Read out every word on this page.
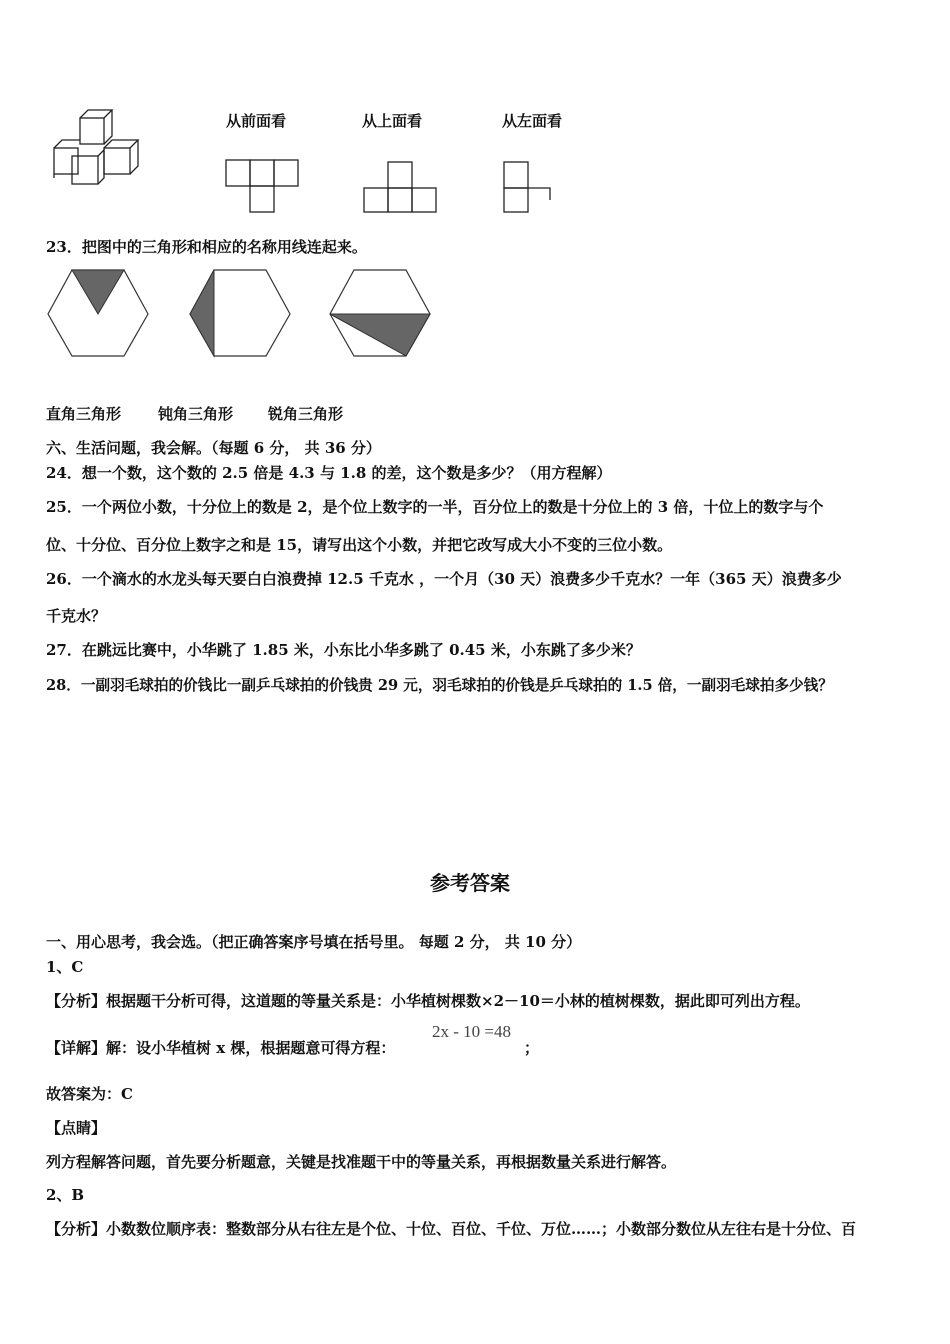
从前面看	从上面看	从左面看
23．把图中的三角形和相应的名称用线连起来。
直角三角形 钝角三角形 锐角三角形
六、生活问题，我会解。（每题 6 分， 共 36 分）
24．想一个数，这个数的 2.5 倍是 4.3 与 1.8 的差，这个数是多少？（用方程解）
25．一个两位小数，十分位上的数是 2，是个位上数字的一半，百分位上的数是十分位上的 3 倍，十位上的数字与个
位、十分位、百分位上数字之和是 15，请写出这个小数，并把它改写成大小不变的三位小数。
26．一个滴水的水龙头每天要白白浪费掉 12.5 千克水 ，一个月（30 天）浪费多少千克水？一年（365 天）浪费多少
千克水？
27．在跳远比赛中，小华跳了 1.85 米，小东比小华多跳了 0.45 米，小东跳了多少米？
28．一副羽毛球拍的价钱比一副乒乓球拍的价钱贵 29 元，羽毛球拍的价钱是乒乓球拍的 1.5 倍，一副羽毛球拍多少钱？
参考答案
一、用心思考，我会选。（把正确答案序号填在括号里。 每题 2 分， 共 10 分）
1、C
【分析】根据题干分析可得，这道题的等量关系是：小华植树棵数×2－10＝小林的植树棵数，据此即可列出方程。
【详解】解：设小华植树 x 棵，根据题意可得方程：
2x - 10 =48
；
故答案为：C
【点睛】
列方程解答问题，首先要分析题意，关键是找准题干中的等量关系，再根据数量关系进行解答。
2、B
【分析】小数数位顺序表：整数部分从右往左是个位、十位、百位、千位、万位……；小数部分数位从左往右是十分位、百
